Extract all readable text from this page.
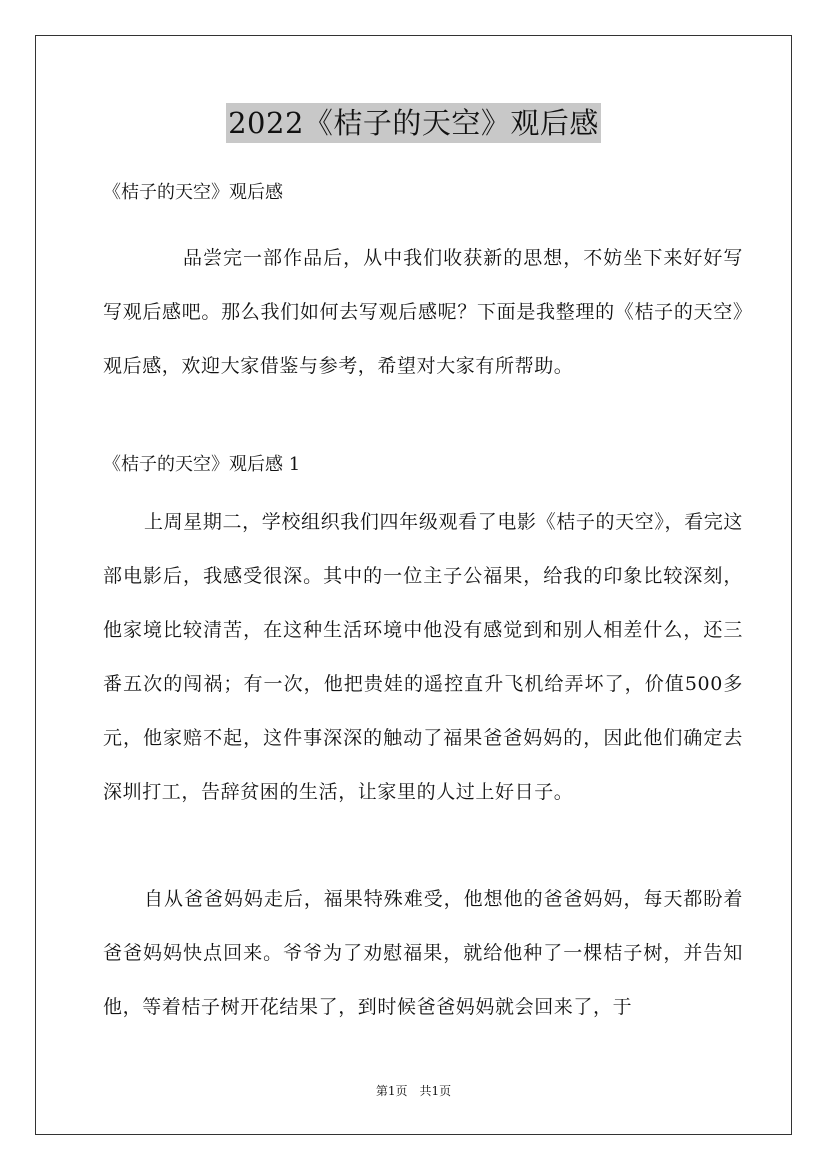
2022《桔子的天空》观后感

《桔子的天空》观后感

品尝完一部作品后，从中我们收获新的思想，不妨坐下来好好写写观后感吧。那么我们如何去写观后感呢？下面是我整理的《桔子的天空》观后感，欢迎大家借鉴与参考，希望对大家有所帮助。

《桔子的天空》观后感 1

上周星期二，学校组织我们四年级观看了电影《桔子的天空》，看完这部电影后，我感受很深。其中的一位主子公福果，给我的印象比较深刻，他家境比较清苦，在这种生活环境中他没有感觉到和别人相差什么，还三番五次的闯祸；有一次，他把贵娃的遥控直升飞机给弄坏了，价值500多元，他家赔不起，这件事深深的触动了福果爸爸妈妈的，因此他们确定去深圳打工，告辞贫困的生活，让家里的人过上好日子。

自从爸爸妈妈走后，福果特殊难受，他想他的爸爸妈妈，每天都盼着爸爸妈妈快点回来。爷爷为了劝慰福果，就给他种了一棵桔子树，并告知他，等着桔子树开花结果了，到时候爸爸妈妈就会回来了，于

第1页　共1页
